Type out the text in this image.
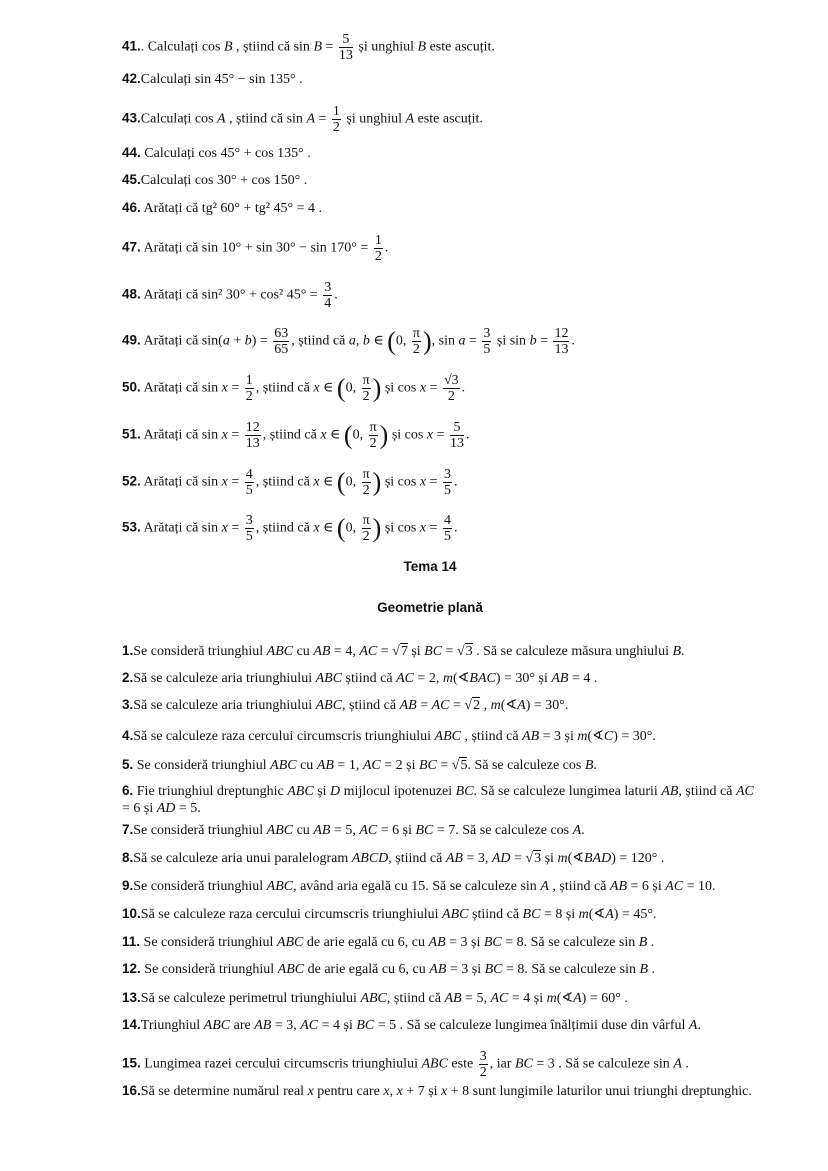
41.. Calculați cos B , știind că $\sin B = \frac{5}{13}$ și unghiul B este ascuțit.
42.Calculați sin 45° − sin 135° .
43.Calculați cos A , știind că $\sin A = \frac{1}{2}$ și unghiul A este ascuțit.
44. Calculați cos 45° + cos 135° .
45.Calculați cos 30° + cos 150° .
46. Arătați că tg² 60° + tg² 45° = 4 .
47. Arătați că $\sin 10^\circ + \sin 30^\circ - \sin 170^\circ = \frac{1}{2}$ .
48. Arătați că sin² 30° + cos² $45^\circ = \frac{3}{4}$ .
49. Arătați că $\sin(a + b) = \frac{63}{65}$ , știind că a, b ∈ (0, $\frac{\pi}{2}$ ), $\sin a = \frac{3}{5}$ și $\sin b = \frac{12}{13}$ .
50. Arătați că $\sin x = \frac{1}{2}$ , știind că x ∈ (0, $\frac{\pi}{2}$ ) și $\cos x = \frac{√3}{2}$ .
51. Arătați că $\sin x = \frac{12}{13}$ , știind că x ∈ (0, $\frac{\pi}{2}$ ) și $\cos x = \frac{5}{13}$ .
52. Arătați că $\sin x = \frac{4}{5}$ , știind că x ∈ (0, $\frac{\pi}{2}$ ) și $\cos x = \frac{3}{5}$ .
53. Arătați că $\sin x = \frac{3}{5}$ , știind că x ∈ (0, $\frac{\pi}{2}$ ) și $\cos x = \frac{4}{5}$ .
Tema 14
Geometrie plană
1.Se consideră triunghiul ABC cu AB = 4, AC = √7 și BC = √3 . Să se calculeze măsura unghiului B.
2.Să se calculeze aria triunghiului ABC știind că AC = 2, m(∢BAC) = 30° și AB = 4 .
3.Să se calculeze aria triunghiului ABC, știind că AB = AC = √2 , m(∢A) = 30°.
4.Să se calculeze raza cercului circumscris triunghiului ABC , știind că AB = 3 și m(∢C) = 30°.
5. Se consideră triunghiul ABC cu AB = 1, AC = 2 și BC = √5. Să se calculeze cos B.
6. Fie triunghiul dreptunghic ABC și D mijlocul ipotenuzei BC. Să se calculeze lungimea laturii AB, știind că AC = 6 și AD = 5.
7.Se consideră triunghiul ABC cu AB = 5, AC = 6 și BC = 7. Să se calculeze cos A.
8.Să se calculeze aria unui paralelogram ABCD, știind că AB = 3, AD = √3 și m(∢BAD) = 120° .
9.Se consideră triunghiul ABC, având aria egală cu 15. Să se calculeze sin A , știind că AB = 6 și AC = 10.
10.Să se calculeze raza cercului circumscris triunghiului ABC știind că BC = 8 și m(∢A) = 45°.
11. Se consideră triunghiul ABC de arie egală cu 6, cu AB = 3 și BC = 8. Să se calculeze sin B .
12. Se consideră triunghiul ABC de arie egală cu 6, cu AB = 3 și BC = 8. Să se calculeze sin B .
13.Să se calculeze perimetrul triunghiului ABC, știind că AB = 5, AC = 4 și m(∢A) = 60° .
14.Triunghiul ABC are AB = 3, AC = 4 și BC = 5 . Să se calculeze lungimea înălțimii duse din vârful A.
15. Lungimea razei cercului circumscris triunghiului ABC este $\frac{3}{2}$ , iar BC = 3 . Să se calculeze sin A .
16.Să se determine numărul real x pentru care x, x + 7 și x + 8 sunt lungimile laturilor unui triunghi dreptunghic.
